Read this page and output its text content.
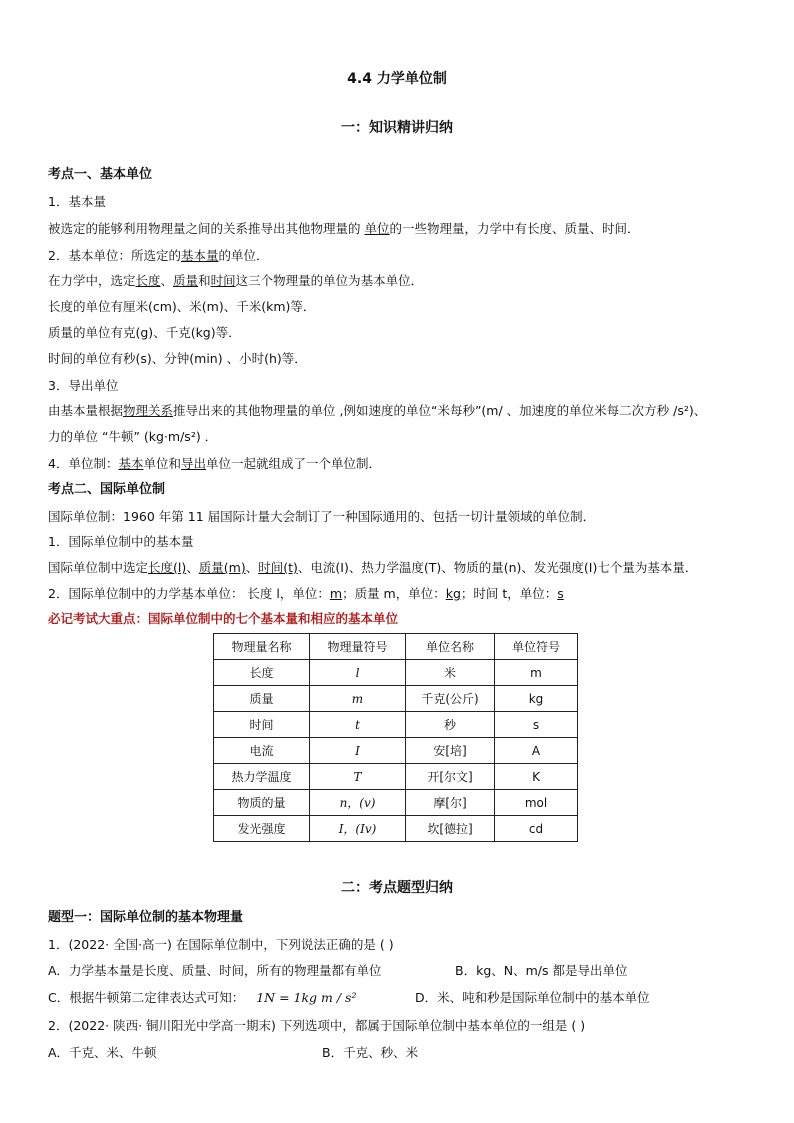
4.4 力学单位制
一：知识精讲归纳
考点一、基本单位
1．基本量
被选定的能够利用物理量之间的关系推导出其他物理量的 单位的一些物理量，力学中有长度、质量、时间．
2．基本单位：所选定的基本量的单位．
在力学中，选定长度、质量和时间这三个物理量的单位为基本单位．
长度的单位有厘米(cm)、米(m)、千米(km)等．
质量的单位有克(g)、千克(kg)等．
时间的单位有秒(s)、分钟(min) 、小时(h)等．
3．导出单位
由基本量根据物理关系推导出来的其他物理量的单位 ,例如速度的单位“米每秒”(m/ 、加速度的单位米每二次方秒 /s²)、
力的单位 “牛顿” (kg·m/s²) ．
4．单位制：基本单位和导出单位一起就组成了一个单位制．
考点二、国际单位制
国际单位制：1960 年第 11 届国际计量大会制订了一种国际通用的、包括一切计量领域的单位制．
1．国际单位制中的基本量
国际单位制中选定长度(l)、质量(m)、时间(t)、电流(I)、热力学温度(T)、物质的量(n)、发光强度(I)七个量为基本量．
2．国际单位制中的力学基本单位： 长度 l，单位：m；质量 m，单位：kg；时间 t，单位：s
必记考试大重点：国际单位制中的七个基本量和相应的基本单位
物理量名称	物理量符号	单位名称	单位符号
长度	l	米	m
质量	m	千克(公斤)	kg
时间	t	秒	s
电流	I	安[培]	A
热力学温度	T	开[尔文]	K
物质的量	n，(v)	摩[尔]	mol
发光强度	I，(Iv)	坎[德拉]	cd
二：考点题型归纳
题型一：国际单位制的基本物理量
1．(2022· 全国·高一) 在国际单位制中，下列说法正确的是 ( )
A．力学基本量是长度、质量、时间，所有的物理量都有单位	B．kg、N、m/s 都是导出单位
C．根据牛顿第二定律表达式可知： 1N = 1kg m / s²	D．米、吨和秒是国际单位制中的基本单位
2．(2022· 陕西· 铜川阳光中学高一期末) 下列选项中，都属于国际单位制中基本单位的一组是 ( )
A．千克、米、牛顿	B．千克、秒、米
